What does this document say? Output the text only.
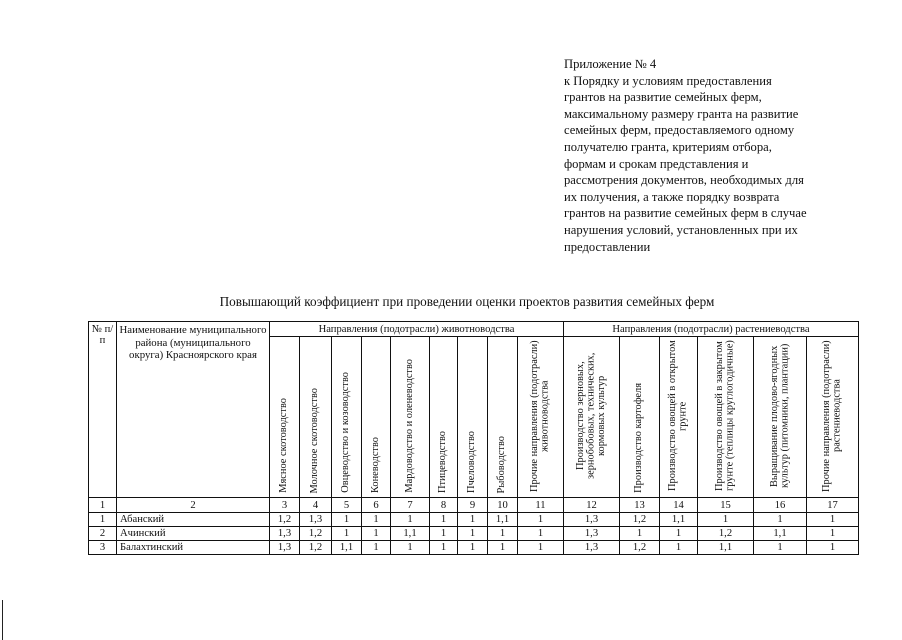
Приложение № 4
к Порядку и условиям предоставления
грантов на развитие семейных ферм,
максимальному размеру гранта на развитие
семейных ферм, предоставляемого одному
получателю гранта, критериям отбора,
формам и срокам представления и
рассмотрения документов, необходимых для
их получения, а также порядку возврата
грантов на развитие семейных ферм в случае
нарушения условий, установленных при их
предоставлении
Повышающий коэффициент при проведении оценки проектов развития семейных ферм
№ п/п	Наименование муниципального района (муниципального округа) Красноярского края	Направления (подотрасли) животноводства									Направления (подотрасли) растениеводства					

		Мясное скотоводство	Молочное скотоводство	Овцеводство и козоводство	Коневодство	Мардоводство и оленеводство	Птицеводство	Пчеловодство	Рыбоводство	Прочие направления (подотрасли) животноводства	Производство зерновых, зернобобовых, технических, кормовых культур	Производство картофеля	Производство овощей в открытом грунте	Производство овощей в закрытом грунте (теплицы круглогодичные)	Выращивание плодово-ягодных культур (питомники, плантации)	Прочие направления (подотрасли) растениеводства

1	2	3	4	5	6	7	8	9	10	11	12	13	14	15	16	17
1	Абанский	1,2	1,3	1	1	1	1	1	1,1	1	1,3	1,2	1,1	1	1	1
2	Ачинский	1,3	1,2	1	1	1,1	1	1	1	1	1,3	1	1	1,2	1,1	1
3	Балахтинский	1,3	1,2	1,1	1	1	1	1	1	1	1,3	1,2	1	1,1	1	1
